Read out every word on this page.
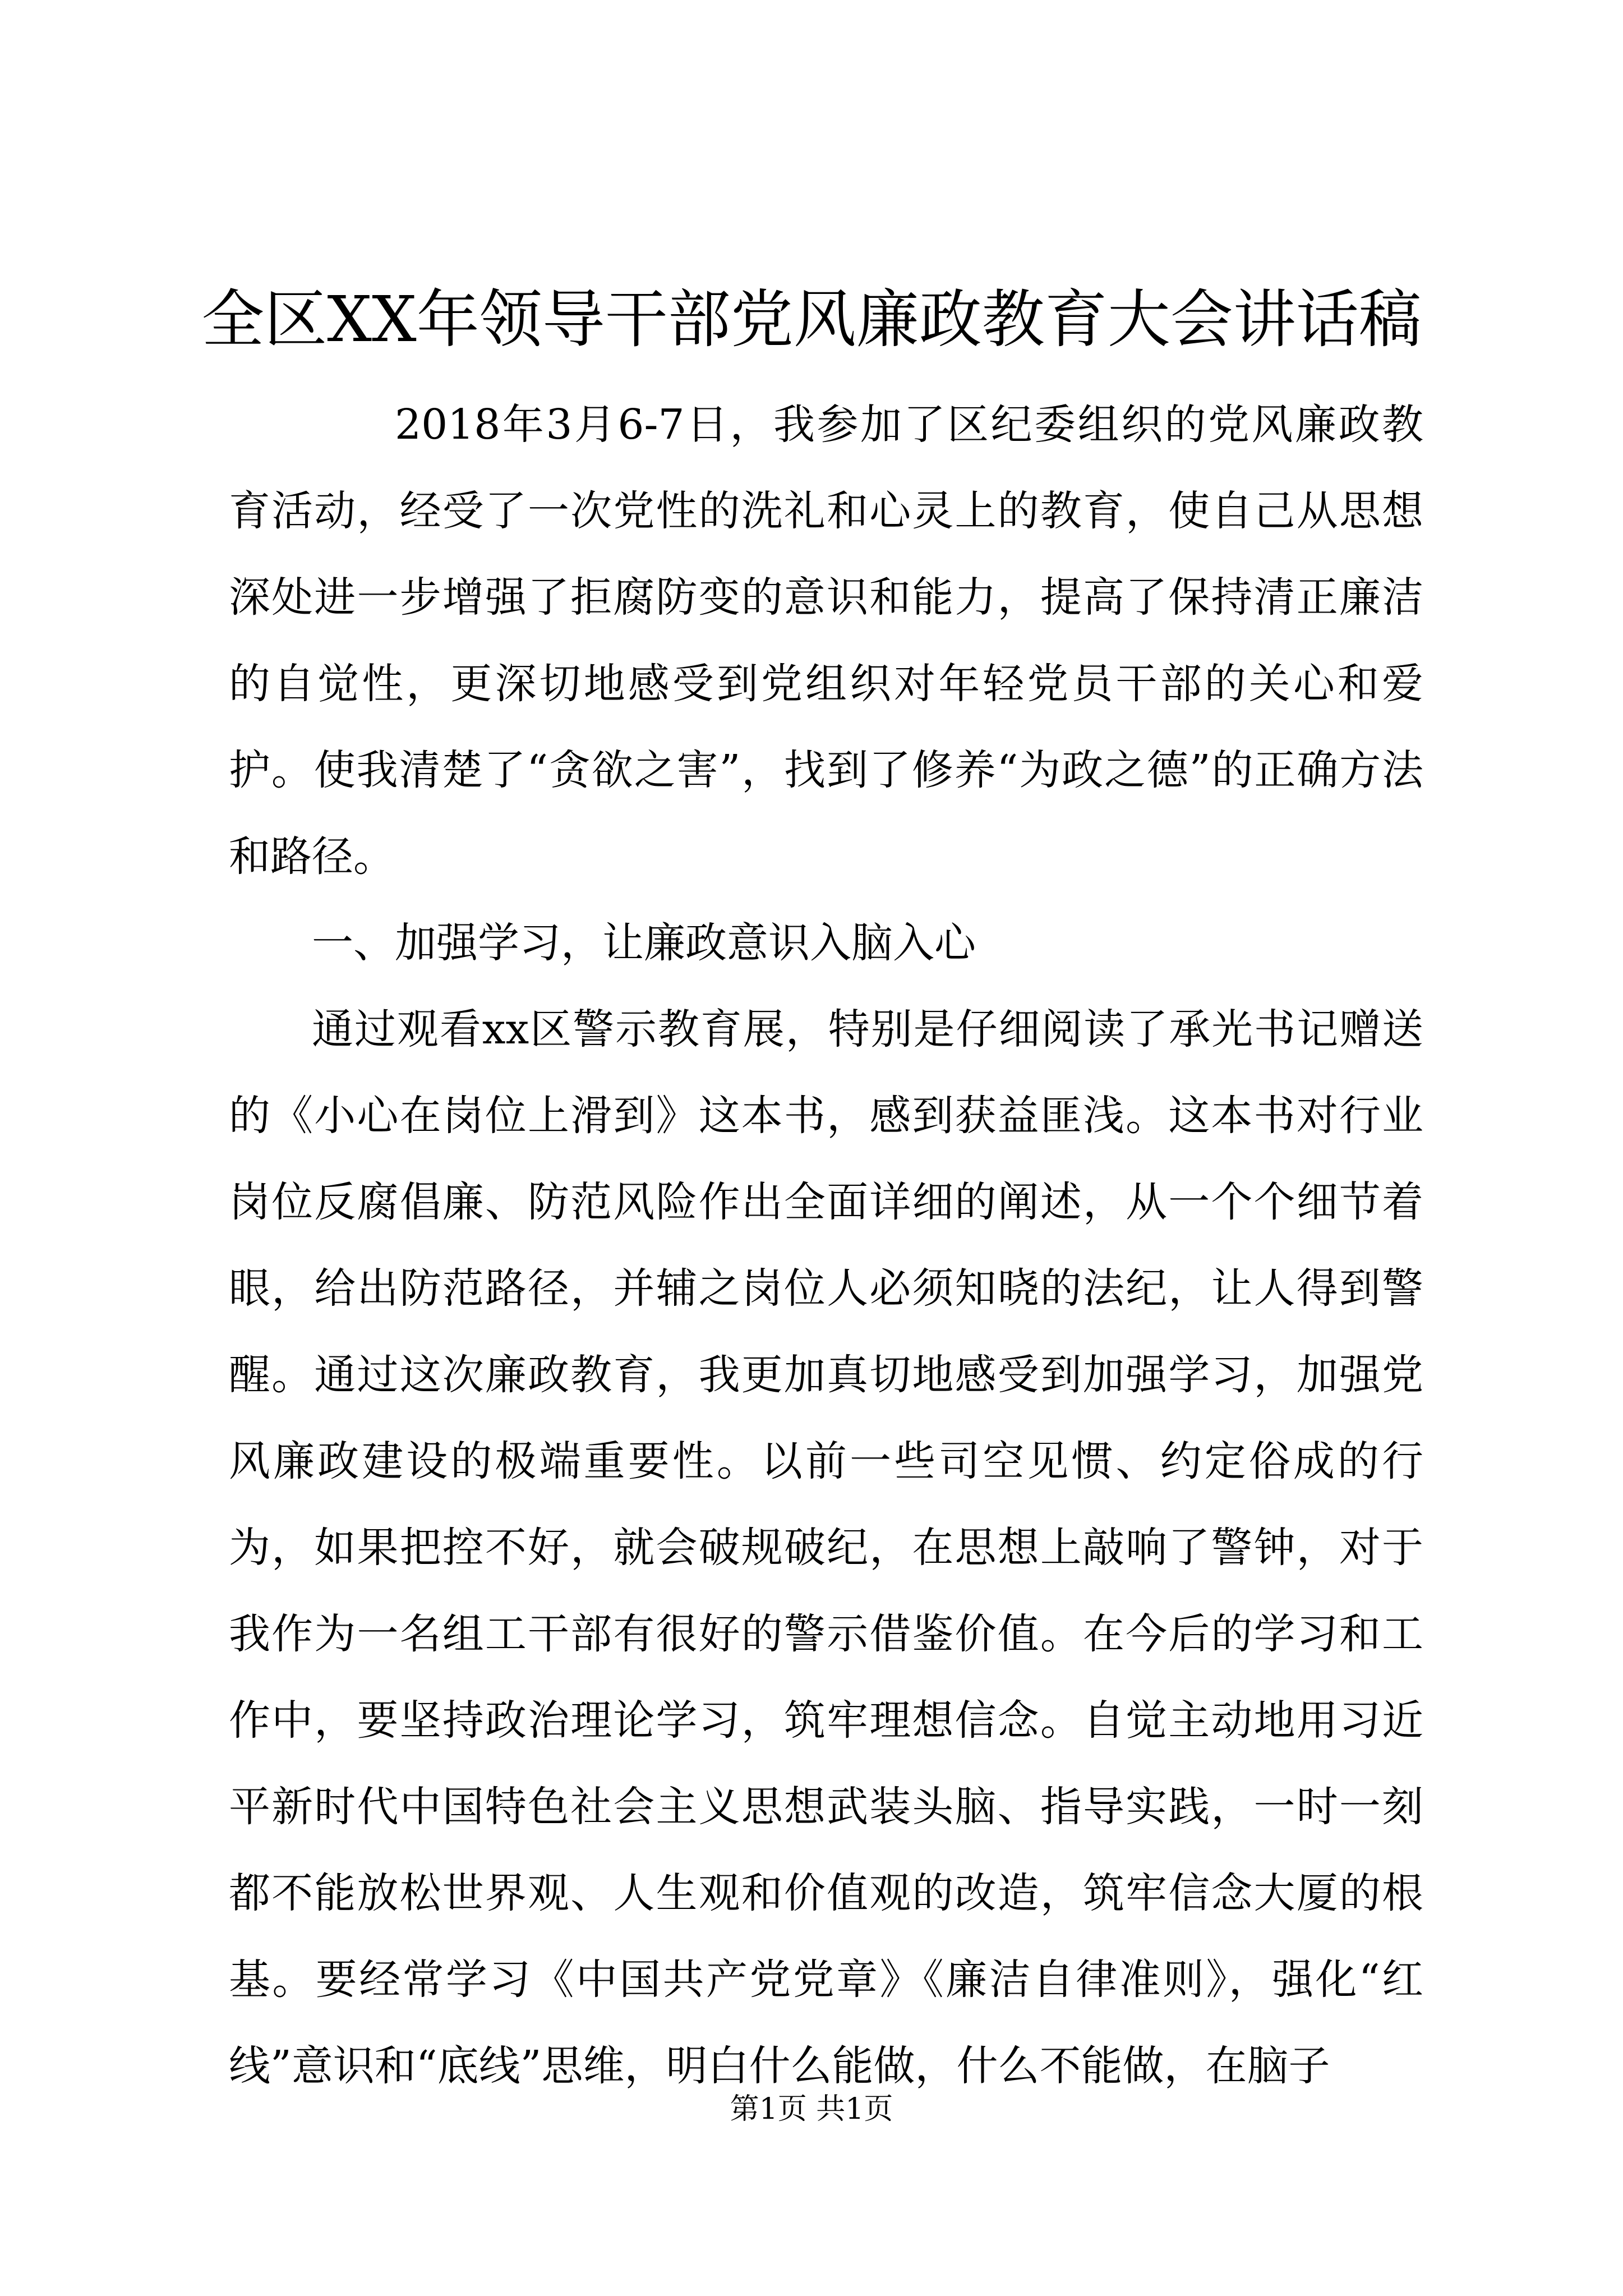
全区XX年领导干部党风廉政教育大会讲话稿

2018年3月6-7日，我参加了区纪委组织的党风廉政教育活动，经受了一次党性的洗礼和心灵上的教育，使自己从思想深处进一步增强了拒腐防变的意识和能力，提高了保持清正廉洁的自觉性，更深切地感受到党组织对年轻党员干部的关心和爱护。使我清楚了“贪欲之害”，找到了修养“为政之德”的正确方法和路径。

一、加强学习，让廉政意识入脑入心

通过观看xx区警示教育展，特别是仔细阅读了承光书记赠送的《小心在岗位上滑到》这本书，感到获益匪浅。这本书对行业岗位反腐倡廉、防范风险作出全面详细的阐述，从一个个细节着眼，给出防范路径，并辅之岗位人必须知晓的法纪，让人得到警醒。通过这次廉政教育，我更加真切地感受到加强学习，加强党风廉政建设的极端重要性。以前一些司空见惯、约定俗成的行为，如果把控不好，就会破规破纪，在思想上敲响了警钟，对于我作为一名组工干部有很好的警示借鉴价值。在今后的学习和工作中，要坚持政治理论学习，筑牢理想信念。自觉主动地用习近平新时代中国特色社会主义思想武装头脑、指导实践，一时一刻都不能放松世界观、人生观和价值观的改造，筑牢信念大厦的根基。要经常学习《中国共产党党章》《廉洁自律准则》，强化“红线”意识和“底线”思维，明白什么能做，什么不能做，在脑子

第1页 共1页
